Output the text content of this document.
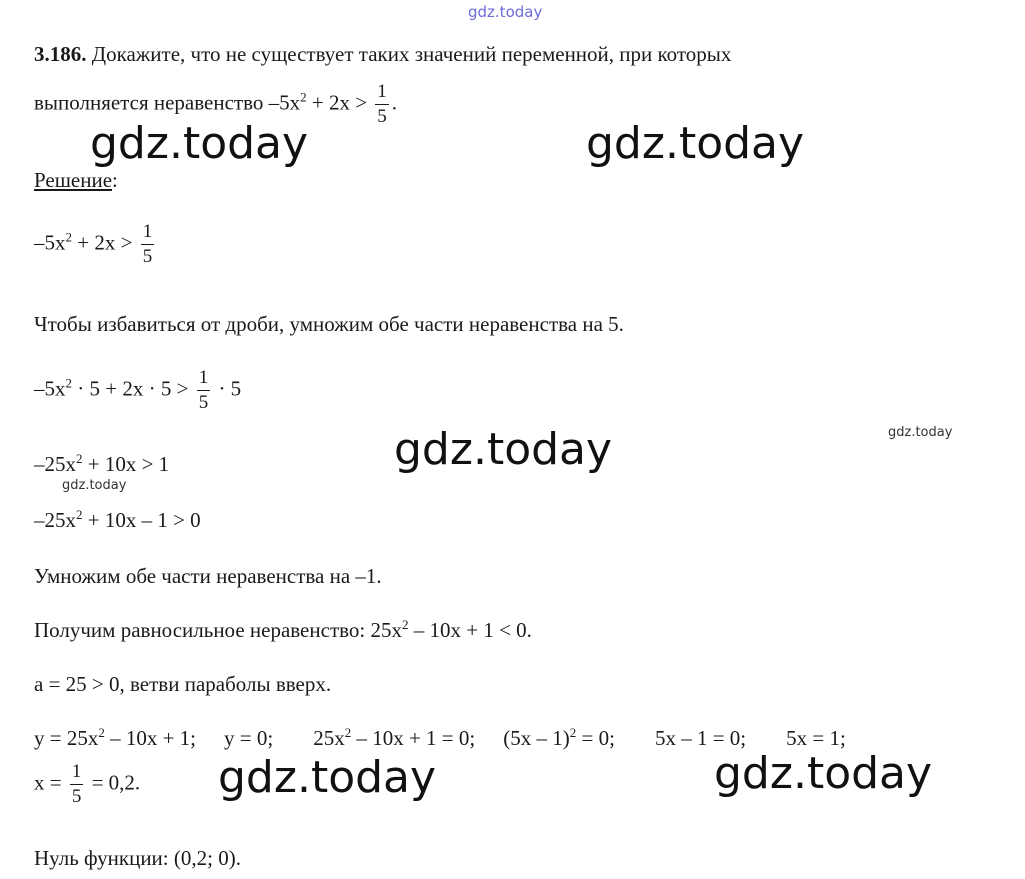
gdz.today
3.186. Докажите, что не существует таких значений переменной, при которых
выполняется неравенство $-5x^2 + 2x > \frac{1}{5}$ .
gdz.today	gdz.today
Решение:
$-5x^2 + 2x > \frac{1}{5}$
Чтобы избавиться от дроби, умножим обе части неравенства на 5.
$-5x^2 \cdot 5 + 2x \cdot 5 > \frac{1}{5} \cdot 5$
gdz.today	gdz.today
$-25x^2 + 10x > 1$
gdz.today
$-25x^2 + 10x - 1 > 0$
Умножим обе части неравенства на –1.
Получим равносильное неравенство: $25x^2 - 10x + 1 < 0$.
a = 25 > 0, ветви параболы вверх.
$y = 25x^2 - 10x + 1$; y = 0; $25x^2 - 10x + 1 = 0$; (5x – 1)$^2$ = 0; 5x – 1 = 0; 5x = 1;
$x = \frac{1}{5} = 0,2$. gdz.today	gdz.today
Нуль функции: (0,2; 0).
